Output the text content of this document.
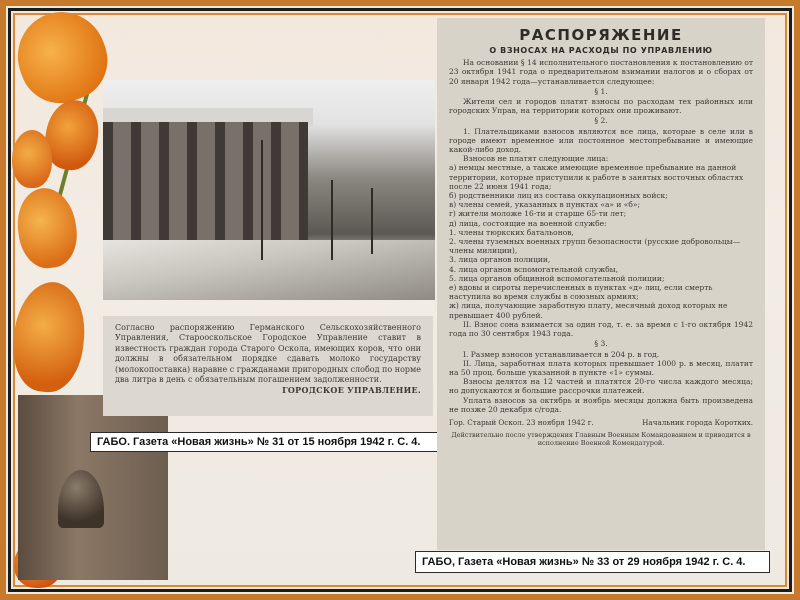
Согласно распоряжению Германского Сельскохозяйственного Управления, Старооскольское Городское Управление ставит в известность граждан города Старого Оскола, имеющих коров, что они должны в обязательном порядке сдавать молоко государству (молокопоставка) наравне с гражданами пригородных слобод по норме два литра в день с обязательным погашением задолженности.
ГОРОДСКОЕ УПРАВЛЕНИЕ.
ГАБО. Газета «Новая жизнь» № 31 от 15 ноября 1942 г. С. 4.
РАСПОРЯЖЕНИЕ
О ВЗНОСАХ НА РАСХОДЫ ПО УПРАВЛЕНИЮ

На основании § 14 исполнительного постановления к постановлению от 23 октября 1941 года о предварительном взимании налогов и о сборах от 20 января 1942 года—устанавливается следующее:

§ 1.

Жители сел и городов платят взносы по расходам тех районных или городских Управ, на территории которых они проживают.

§ 2.

1. Плательщиками взносов являются все лица, которые в селе или в городе имеют временное или постоянное местопребывание и имеющие какой-либо доход.

Взносов не платят следующие лица:

а) немцы местные, а также имеющие временное пребывание на данной территории, которые приступили к работе в занятых восточных областях после 22 июня 1941 года;
б) родственники лиц из состава оккупационных войск;
в) члены семей, указанных в пунктах «а» и «б»;
г) жители моложе 16-ти и старше 65-ти лет;
д) лица, состоящие на военной службе:
1. члены тюркских батальонов,
2. члены туземных военных групп безопасности (русские добровольцы—члены милиции),
3. лица органов полиции,
4. лица органов вспомогательной службы,
5. лица органов общинной вспомогательной полиции;
е) вдовы и сироты перечисленных в пунктах «д» лиц, если смерть наступила во время службы в союзных армиях;
ж) лица, получающие заработную плату, месячный доход которых не превышает 400 рублей.

II. Взнос сона взимается за один год, т. е. за время с 1-го октября 1942 года по 30 сентября 1943 года.

§ 3.

I. Размер взносов устанавливается в 204 р. в год.

II. Лица, заработная плата которых превышает 1000 р. в месяц, платит на 50 проц. больше указанной в пункте «1» суммы.

Взносы делятся на 12 частей и платятся 20-го числа каждого месяца; но допускаются и большие рассрочки платежей.

Уплата взносов за октябрь и ноябрь месяцы должна быть произведена не позже 20 декабря с/года.

Гор. Старый Оскол. 23 ноября 1942 г.	Начальник города Коротких.
Действительно после утверждения Главным Военным Командованием и приводится в исполнение Военной Комендатурой.
ГАБО, Газета «Новая жизнь» № 33 от 29 ноября 1942 г. С. 4.
